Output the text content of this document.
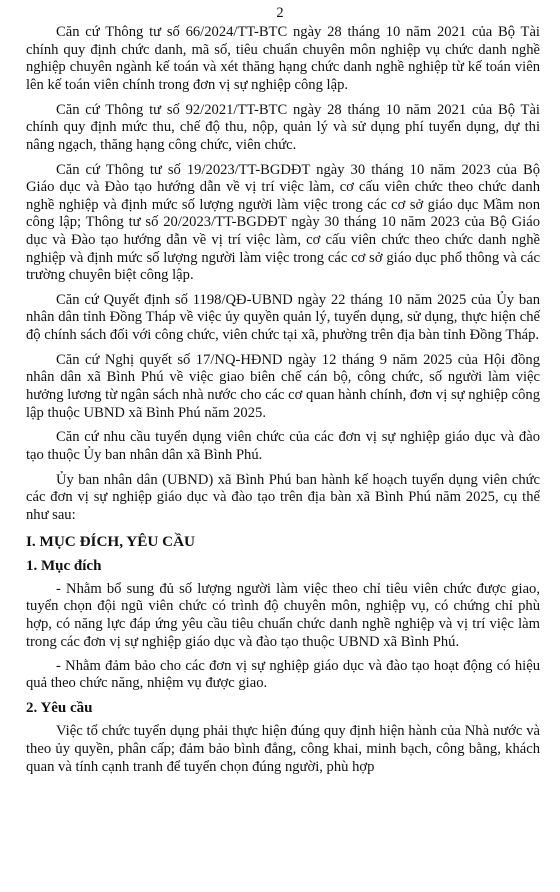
2

Căn cứ Thông tư số 66/2024/TT-BTC ngày 28 tháng 10 năm 2021 của Bộ Tài chính quy định chức danh, mã số, tiêu chuẩn chuyên môn nghiệp vụ chức danh nghề nghiệp chuyên ngành kế toán và xét thăng hạng chức danh nghề nghiệp từ kế toán viên lên kế toán viên chính trong đơn vị sự nghiệp công lập.

Căn cứ Thông tư số 92/2021/TT-BTC ngày 28 tháng 10 năm 2021 của Bộ Tài chính quy định mức thu, chế độ thu, nộp, quản lý và sử dụng phí tuyển dụng, dự thi nâng ngạch, thăng hạng công chức, viên chức.

Căn cứ Thông tư số 19/2023/TT-BGDĐT ngày 30 tháng 10 năm 2023 của Bộ Giáo dục và Đào tạo hướng dẫn về vị trí việc làm, cơ cấu viên chức theo chức danh nghề nghiệp và định mức số lượng người làm việc trong các cơ sở giáo dục Mầm non công lập; Thông tư số 20/2023/TT-BGDĐT ngày 30 tháng 10 năm 2023 của Bộ Giáo dục và Đào tạo hướng dẫn về vị trí việc làm, cơ cấu viên chức theo chức danh nghề nghiệp và định mức số lượng người làm việc trong các cơ sở giáo dục phổ thông và các trường chuyên biệt công lập.

Căn cứ Quyết định số 1198/QĐ-UBND ngày 22 tháng 10 năm 2025 của Ủy ban nhân dân tỉnh Đồng Tháp về việc ủy quyền quản lý, tuyển dụng, sử dụng, thực hiện chế độ chính sách đối với công chức, viên chức tại xã, phường trên địa bàn tỉnh Đồng Tháp.

Căn cứ Nghị quyết số 17/NQ-HĐND ngày 12 tháng 9 năm 2025 của Hội đồng nhân dân xã Bình Phú về việc giao biên chế cán bộ, công chức, số người làm việc hưởng lương từ ngân sách nhà nước cho các cơ quan hành chính, đơn vị sự nghiệp công lập thuộc UBND xã Bình Phú năm 2025.

Căn cứ nhu cầu tuyển dụng viên chức của các đơn vị sự nghiệp giáo dục và đào tạo thuộc Ủy ban nhân dân xã Bình Phú.

Ủy ban nhân dân (UBND) xã Bình Phú ban hành kế hoạch tuyển dụng viên chức các đơn vị sự nghiệp giáo dục và đào tạo trên địa bàn xã Bình Phú năm 2025, cụ thể như sau:

I. MỤC ĐÍCH, YÊU CẦU
1. Mục đích

- Nhằm bổ sung đủ số lượng người làm việc theo chỉ tiêu viên chức được giao, tuyển chọn đội ngũ viên chức có trình độ chuyên môn, nghiệp vụ, có chứng chỉ phù hợp, có năng lực đáp ứng yêu cầu tiêu chuẩn chức danh nghề nghiệp và vị trí việc làm trong các đơn vị sự nghiệp giáo dục và đào tạo thuộc UBND xã Bình Phú.

- Nhằm đảm bảo cho các đơn vị sự nghiệp giáo dục và đào tạo hoạt động có hiệu quả theo chức năng, nhiệm vụ được giao.

2. Yêu cầu

Việc tổ chức tuyển dụng phải thực hiện đúng quy định hiện hành của Nhà nước và theo ủy quyền, phân cấp; đảm bảo bình đẳng, công khai, minh bạch, công bằng, khách quan và tính cạnh tranh để tuyển chọn đúng người, phù hợp
